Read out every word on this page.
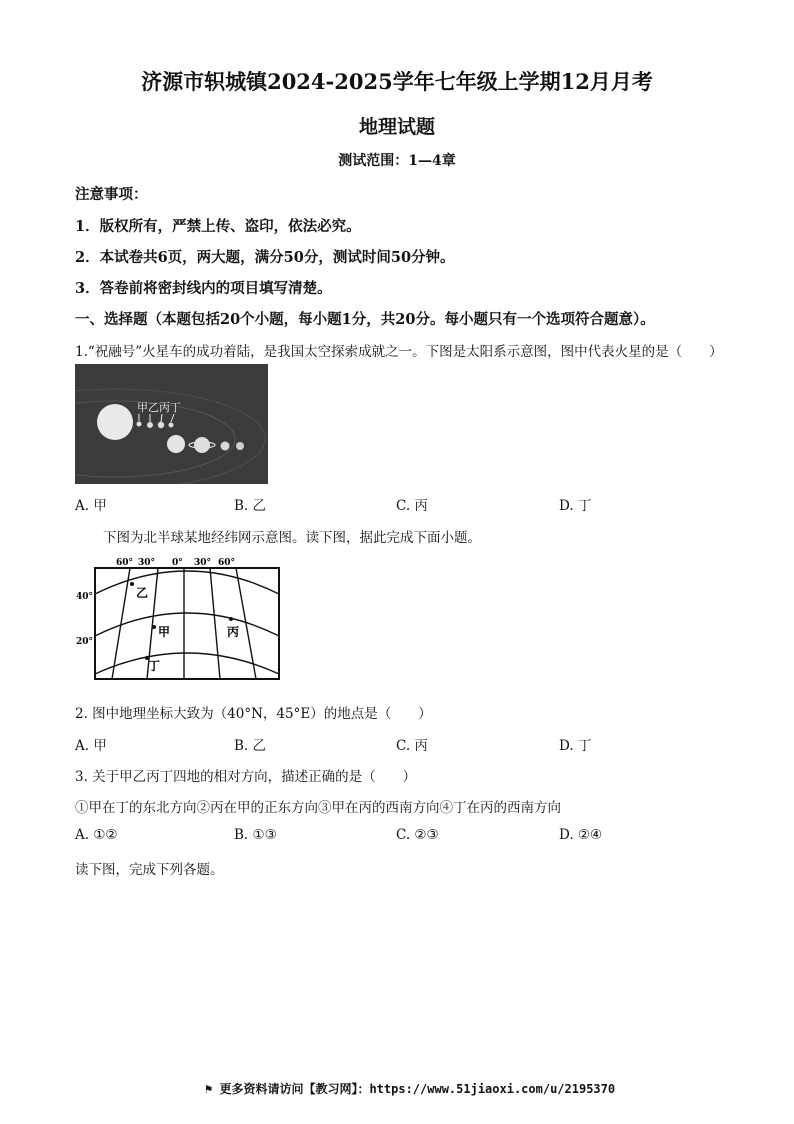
济源市轵城镇2024-2025学年七年级上学期12月月考
地理试题
测试范围：1—4章
注意事项：
1．版权所有，严禁上传、盗印，依法必究。
2．本试卷共6页，两大题，满分50分，测试时间50分钟。
3．答卷前将密封线内的项目填写清楚。
一、选择题（本题包括20个小题，每小题1分，共20分。每小题只有一个选项符合题意）。
1.“祝融号”火星车的成功着陆，是我国太空探索成就之一。下图是太阳系示意图，图中代表火星的是（　　）
甲乙丙丁
A. 甲	B. 乙	C. 丙	D. 丁
下图为北半球某地经纬网示意图。读下图，据此完成下面小题。
60° 30° 0° 30° 60°
40°
20°
乙
甲	丙
丁
2. 图中地理坐标大致为（40°N，45°E）的地点是（　　）
A. 甲	B. 乙	C. 丙	D. 丁
3. 关于甲乙丙丁四地的相对方向，描述正确的是（　　）
①甲在丁的东北方向②丙在甲的正东方向③甲在丙的西南方向④丁在丙的西南方向
A. ①②	B. ①③	C. ②③	D. ②④
读下图，完成下列各题。
⚑ 更多资料请访问【教习网】：https://www.51jiaoxi.com/u/2195370
